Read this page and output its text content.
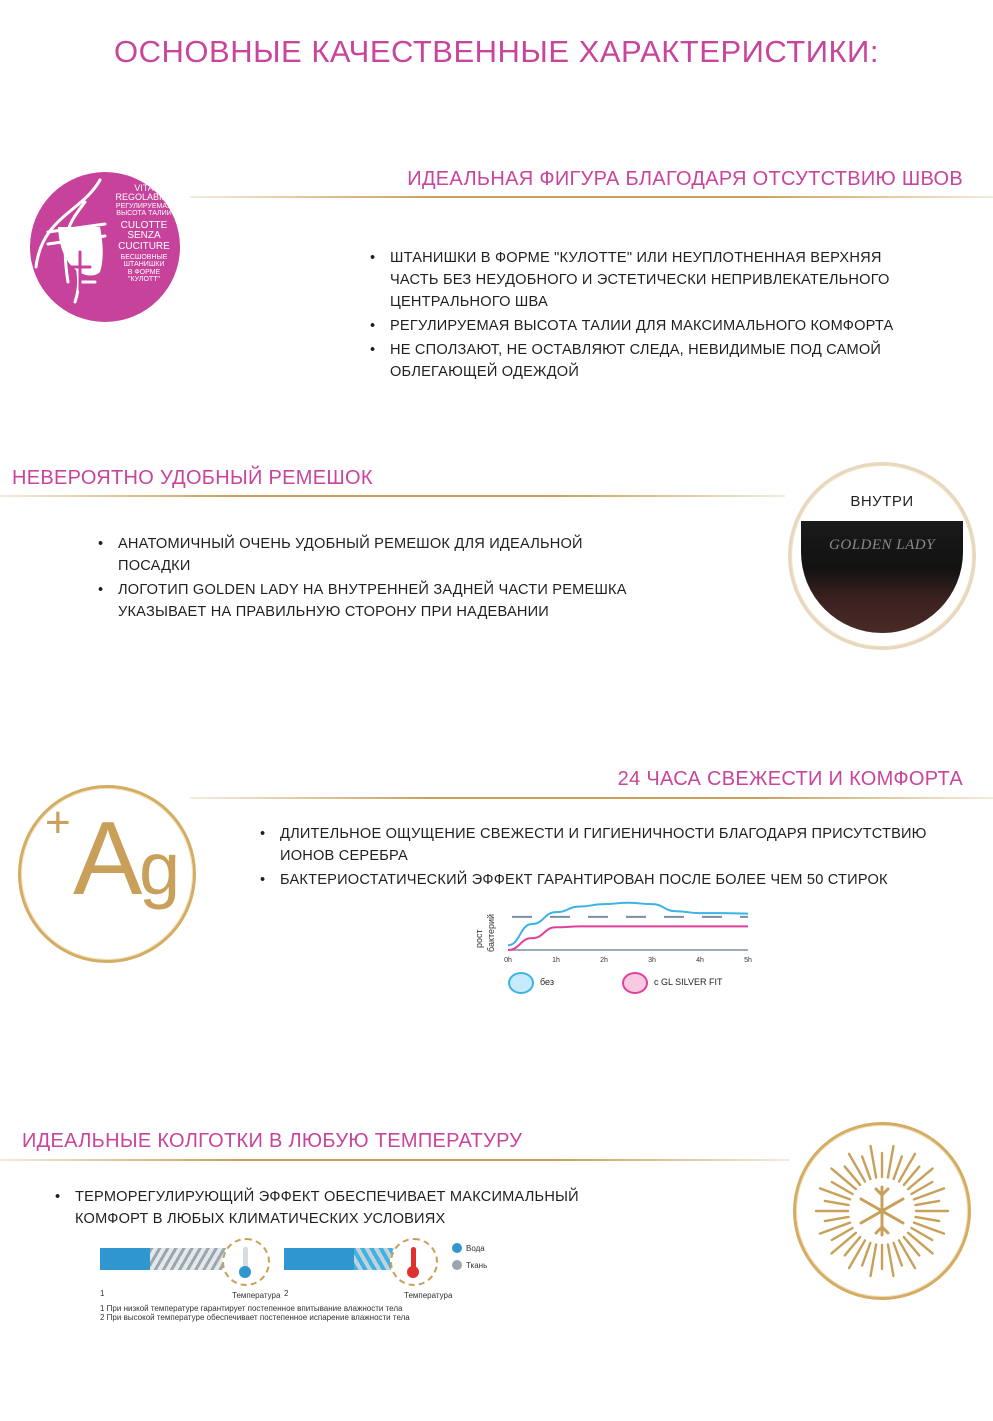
ОСНОВНЫЕ КАЧЕСТВЕННЫЕ ХАРАКТЕРИСТИКИ:
VITA
REGOLABILE
РЕГУЛИРУЕМАЯ
ВЫСОТА ТАЛИИ
CULOTTE
SENZA
CUCITURE
БЕСШОВНЫЕ
ШТАНИШКИ
В ФОРМЕ
"КУЛОТТ"
ИДЕАЛЬНАЯ ФИГУРА БЛАГОДАРЯ ОТСУТСТВИЮ ШВОВ
• ШТАНИШКИ В ФОРМЕ "КУЛОТТЕ" ИЛИ НЕУПЛОТНЕННАЯ ВЕРХНЯЯ ЧАСТЬ БЕЗ НЕУДОБНОГО И ЭСТЕТИЧЕСКИ НЕПРИВЛЕКАТЕЛЬНОГО ЦЕНТРАЛЬНОГО ШВА
• РЕГУЛИРУЕМАЯ ВЫСОТА ТАЛИИ ДЛЯ МАКСИМАЛЬНОГО КОМФОРТА
• НЕ СПОЛЗАЮТ, НЕ ОСТАВЛЯЮТ СЛЕДА, НЕВИДИМЫЕ ПОД САМОЙ ОБЛЕГАЮЩЕЙ ОДЕЖДОЙ
НЕВЕРОЯТНО УДОБНЫЙ РЕМЕШОК
• АНАТОМИЧНЫЙ ОЧЕНЬ УДОБНЫЙ РЕМЕШОК ДЛЯ ИДЕАЛЬНОЙ ПОСАДКИ
• ЛОГОТИП GOLDEN LADY НА ВНУТРЕННЕЙ ЗАДНЕЙ ЧАСТИ РЕМЕШКА УКАЗЫВАЕТ НА ПРАВИЛЬНУЮ СТОРОНУ ПРИ НАДЕВАНИИ
ВНУТРИ
GOLDEN LADY
+ A
g
24 ЧАСА СВЕЖЕСТИ И КОМФОРТА
• ДЛИТЕЛЬНОЕ ОЩУЩЕНИЕ СВЕЖЕСТИ И ГИГИЕНИЧНОСТИ БЛАГОДАРЯ ПРИСУТСТВИЮ ИОНОВ СЕРЕБРА
• БАКТЕРИОСТАТИЧЕСКИЙ ЭФФЕКТ ГАРАНТИРОВАН ПОСЛЕ БОЛЕЕ ЧЕМ 50 СТИРОК
рост бактерий
0h	1h	2h	3h	4h	5h
без	с GL SILVER FIT
ИДЕАЛЬНЫЕ КОЛГОТКИ В ЛЮБУЮ ТЕМПЕРАТУРУ
• ТЕРМОРЕГУЛИРУЮЩИЙ ЭФФЕКТ ОБЕСПЕЧИВАЕТ МАКСИМАЛЬНЫЙ КОМФОРТ В ЛЮБЫХ КЛИМАТИЧЕСКИХ УСЛОВИЯХ
Вода
Ткань
1	Температура 2	Температура
1 При низкой температуре гарантирует постепенное впитывание влажности тела
2 При высокой температуре обеспечивает постепенное испарение влажности тела
